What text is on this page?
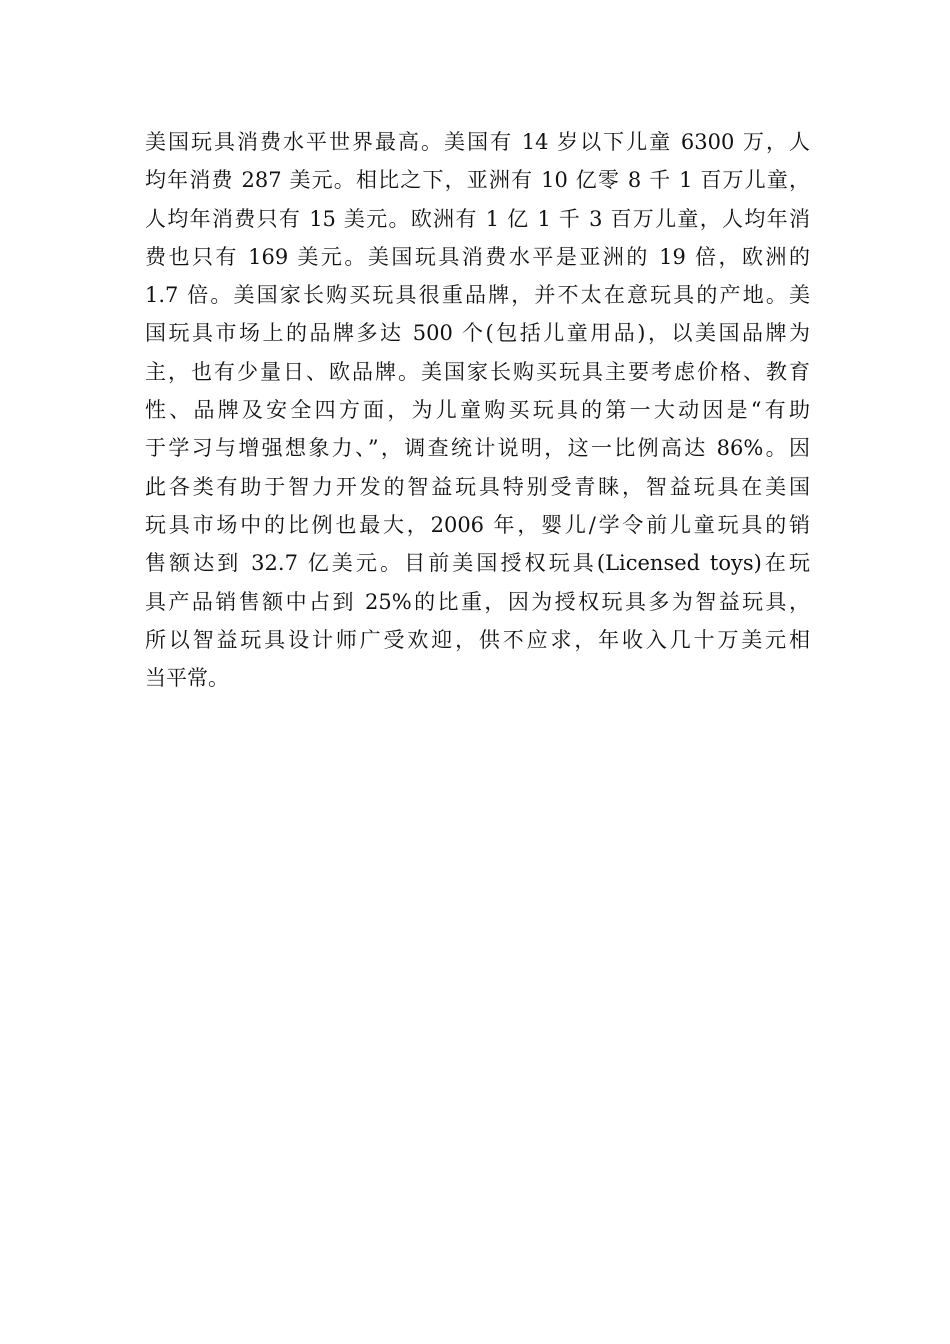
美国玩具消费水平世界最高。美国有 14 岁以下儿童 6300 万，人
均年消费 287 美元。相比之下，亚洲有 10 亿零 8 千 1 百万儿童，
人均年消费只有 15 美元。欧洲有 1 亿 1 千 3 百万儿童，人均年消
费也只有 169 美元。美国玩具消费水平是亚洲的 19 倍，欧洲的
1.7 倍。美国家长购买玩具很重品牌，并不太在意玩具的产地。美
国玩具市场上的品牌多达 500 个(包括儿童用品)，以美国品牌为
主，也有少量日、欧品牌。美国家长购买玩具主要考虑价格、教育
性、品牌及安全四方面，为儿童购买玩具的第一大动因是“有助
于学习与增强想象力、”，调查统计说明，这一比例高达 86%。因
此各类有助于智力开发的智益玩具特别受青睐，智益玩具在美国
玩具市场中的比例也最大，2006 年，婴儿/学令前儿童玩具的销
售额达到 32.7 亿美元。目前美国授权玩具(Licensed toys)在玩
具产品销售额中占到 25%的比重，因为授权玩具多为智益玩具，
所以智益玩具设计师广受欢迎，供不应求，年收入几十万美元相
当平常。
